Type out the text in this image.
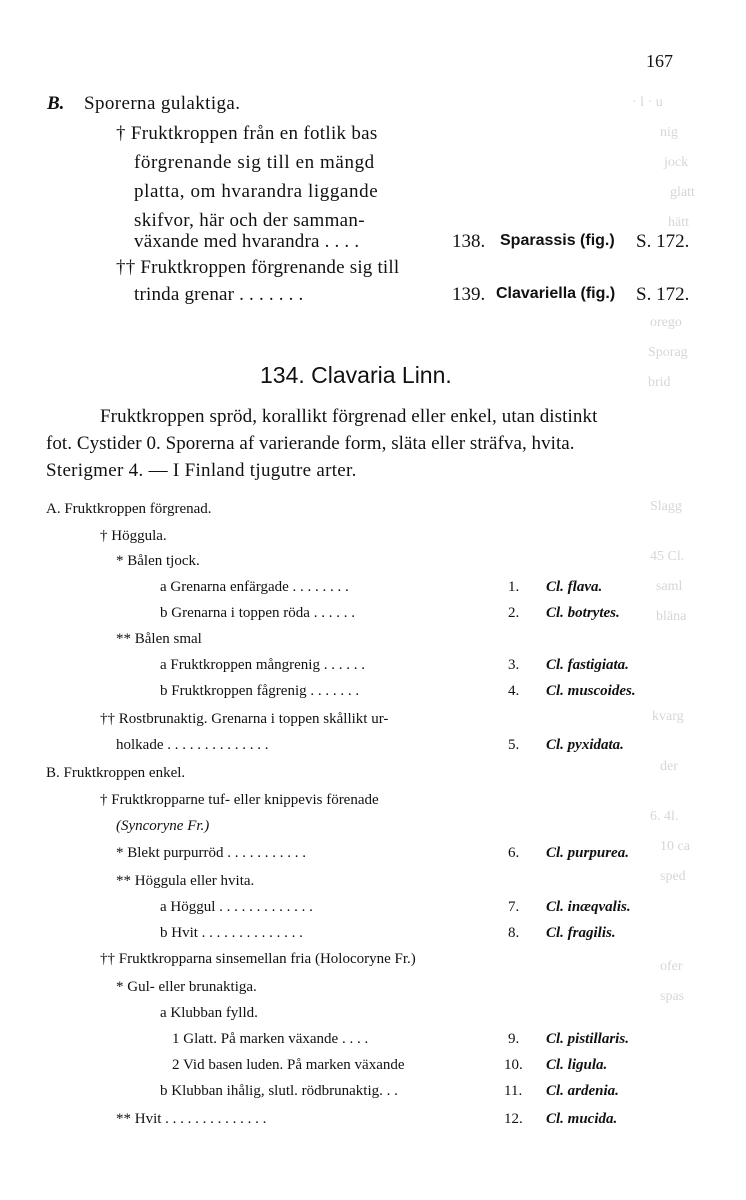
· l · u
nig
jock
glatt
hätt
orego
Sporag
brid
Slagg
45 Cl.
saml
bläna
kvarg
der
6. 4l.
10 ca
sped
ofer
spas
167
B. Sporerna gulaktiga.
† Fruktkroppen från en fotlik bas
förgrenande sig till en mängd
platta, om hvarandra liggande
skifvor, här och der samman-
växande med hvarandra . . . .	138. Sparassis (fig.) S. 172.
†† Fruktkroppen förgrenande sig till
trinda grenar . . . . . . .	139. Clavariella (fig.) S. 172.
134. Clavaria Linn.
Fruktkroppen spröd, korallikt förgrenad eller enkel, utan distinkt
fot. Cystider 0. Sporerna af varierande form, släta eller sträfva, hvita.
Sterigmer 4. — I Finland tjugutre arter.
A. Fruktkroppen förgrenad.
† Höggula.
* Bålen tjock.
a Grenarna enfärgade . . . . . . . .	1. Cl. flava.
b Grenarna i toppen röda . . . . . .	2. Cl. botrytes.
** Bålen smal
a Fruktkroppen mångrenig . . . . . .	3. Cl. fastigiata.
b Fruktkroppen fågrenig . . . . . . .	4. Cl. muscoides.
†† Rostbrunaktig. Grenarna i toppen skållikt ur-
holkade . . . . . . . . . . . . . .	5. Cl. pyxidata.
B. Fruktkroppen enkel.
† Fruktkropparne tuf- eller knippevis förenade
(Syncoryne Fr.)
* Blekt purpurröd . . . . . . . . . . .	6. Cl. purpurea.
** Höggula eller hvita.
a Höggul . . . . . . . . . . . . .	7. Cl. inæqvalis.
b Hvit . . . . . . . . . . . . . .	8. Cl. fragilis.
†† Fruktkropparna sinsemellan fria (Holocoryne Fr.)
* Gul- eller brunaktiga.
a Klubban fylld.
1 Glatt. På marken växande . . . .	9. Cl. pistillaris.
2 Vid basen luden. På marken växande	10. Cl. ligula.
b Klubban ihålig, slutl. rödbrunaktig. . .	11. Cl. ardenia.
** Hvit . . . . . . . . . . . . . .	12. Cl. mucida.
